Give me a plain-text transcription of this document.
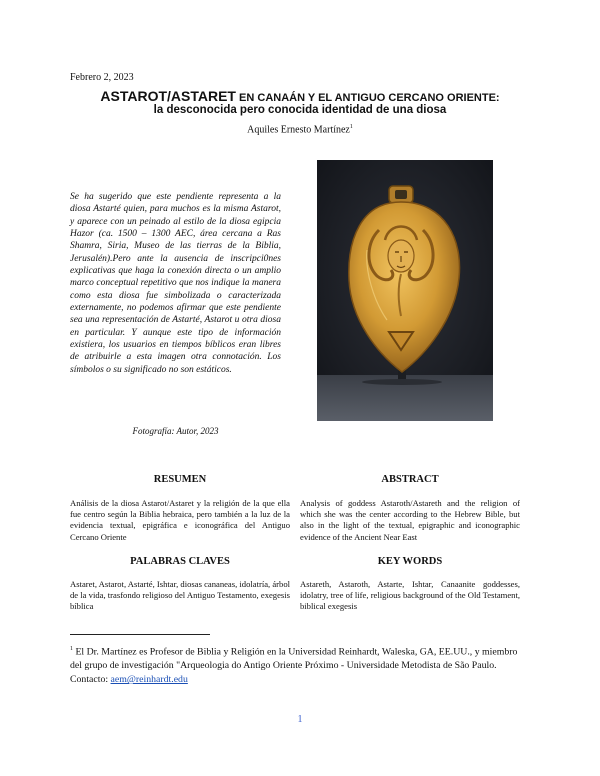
Febrero 2, 2023
ASTAROT/ASTARET EN CANAÁN Y EL ANTIGUO CERCANO ORIENTE:
la desconocida pero conocida identidad de una diosa
Aquiles Ernesto Martínez$^1$
Se ha sugerido que este pendiente representa a la diosa Astarté quien, para muchos es la misma Astarot, y aparece con un peinado al estilo de la diosa egipcia Hazor (ca. 1500 – 1300 AEC, área cercana a Ras Shamra, Siria, Museo de las tierras de la Biblia, Jerusalén).Pero ante la ausencia de inscripci0nes explicativas que haga la conexión directa o un amplio marco conceptual repetitivo que nos indique la manera como esta diosa fue simbolizada o caracterizada externamente, no podemos afirmar que este pendiente sea una representación de Astarté, Astarot u otra diosa en particular. Y aunque este tipo de información existiera, los usuarios en tiempos bíblicos eran libres de atribuirle a esta imagen otra connotación. Los símbolos o su significado no son estáticos.
Fotografía: Autor, 2023
RESUMEN	ABSTRACT
Análisis de la diosa Astarot/Astaret y la religión de la que ella fue centro según la Biblia hebraica, pero también a la luz de la evidencia textual, epigráfica e iconográfica del Antiguo Cercano Oriente
Analysis of goddess Astaroth/Astareth and the religion of which she was the center according to the Hebrew Bible, but also in the light of the textual, epigraphic and iconographic evidence of the Ancient Near East
PALABRAS CLAVES	KEY WORDS
Astaret, Astarot, Astarté, Ishtar, diosas cananeas, idolatría, árbol de la vida, trasfondo religioso del Antiguo Testamento, exegesis bíblica
Astareth, Astaroth, Astarte, Ishtar, Canaanite goddesses, idolatry, tree of life, religious background of the Old Testament, biblical exegesis
$^1$ El Dr. Martínez es Profesor de Biblia y Religión en la Universidad Reinhardt, Waleska, GA, EE.UU., y miembro del grupo de investigación "Arqueologia do Antigo Oriente Próximo - Universidade Metodista de São Paulo. Contacto: aem@reinhardt.edu
1
